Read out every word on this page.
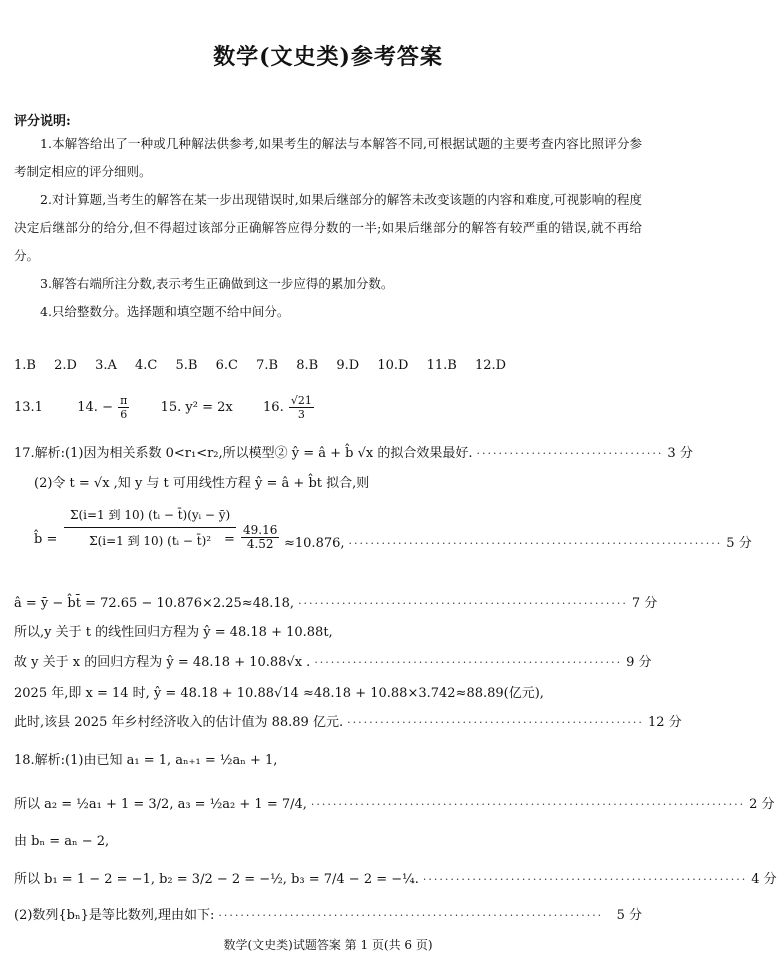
数学(文史类)参考答案
评分说明:
1.本解答给出了一种或几种解法供参考,如果考生的解法与本解答不同,可根据试题的主要考查内容比照评分参考制定相应的评分细则。
2.对计算题,当考生的解答在某一步出现错误时,如果后继部分的解答未改变该题的内容和难度,可视影响的程度决定后继部分的给分,但不得超过该部分正确解答应得分数的一半;如果后继部分的解答有较严重的错误,就不再给分。
3.解答右端所注分数,表示考生正确做到这一步应得的累加分数。
4.只给整数分。选择题和填空题不给中间分。
1.B 2.D 3.A 4.C 5.B 6.C 7.B 8.B 9.D 10.D 11.B 12.D
13.1	14. − $\frac{\pi}{6} 15$. y² = 2x 16. $\frac{√21}{3}$
17.解析:(1)因为相关系数 0<r₁<r₂,所以模型② ŷ = â + b̂ √x 的拟合效果最好. ·································· 3 分
(2)令 t = √x ,知 y 与 t 可用线性方程 ŷ = â + b̂t 拟合,则
b̂ =
Σ(i=1 到 10) (tᵢ − t̄)(yᵢ − ȳ)
Σ(i=1 到 10) (tᵢ − t̄)² = $\frac{49.16}{4.52} \approx 10.876$, ···································································· 5 分
â = ȳ − b̂t̄ = 72.65 − 10.876×2.25≈48.18, ···························································· 7 分
所以,y 关于 t 的线性回归方程为 ŷ = 48.18 + 10.88t,
故 y 关于 x 的回归方程为 ŷ = 48.18 + 10.88√x . ························································ 9 分
2025 年,即 x = 14 时, ŷ = 48.18 + 10.88√14 ≈48.18 + 10.88×3.742≈88.89(亿元),
此时,该县 2025 年乡村经济收入的估计值为 88.89 亿元. ······················································ 12 分
18.解析:(1)由已知 a₁ = 1, aₙ₊₁ = ½aₙ + 1,
所以 a₂ = ½a₁ + 1 = 3/2, a₃ = ½a₂ + 1 = 7/4, ··············································································· 2 分
由 bₙ = aₙ − 2,
所以 b₁ = 1 − 2 = −1, b₂ = 3/2 − 2 = −½, b₃ = 7/4 − 2 = −¼. ··························································· 4 分
(2)数列{bₙ}是等比数列,理由如下: ······································································	5 分
数学(文史类)试题答案 第 1 页(共 6 页)
